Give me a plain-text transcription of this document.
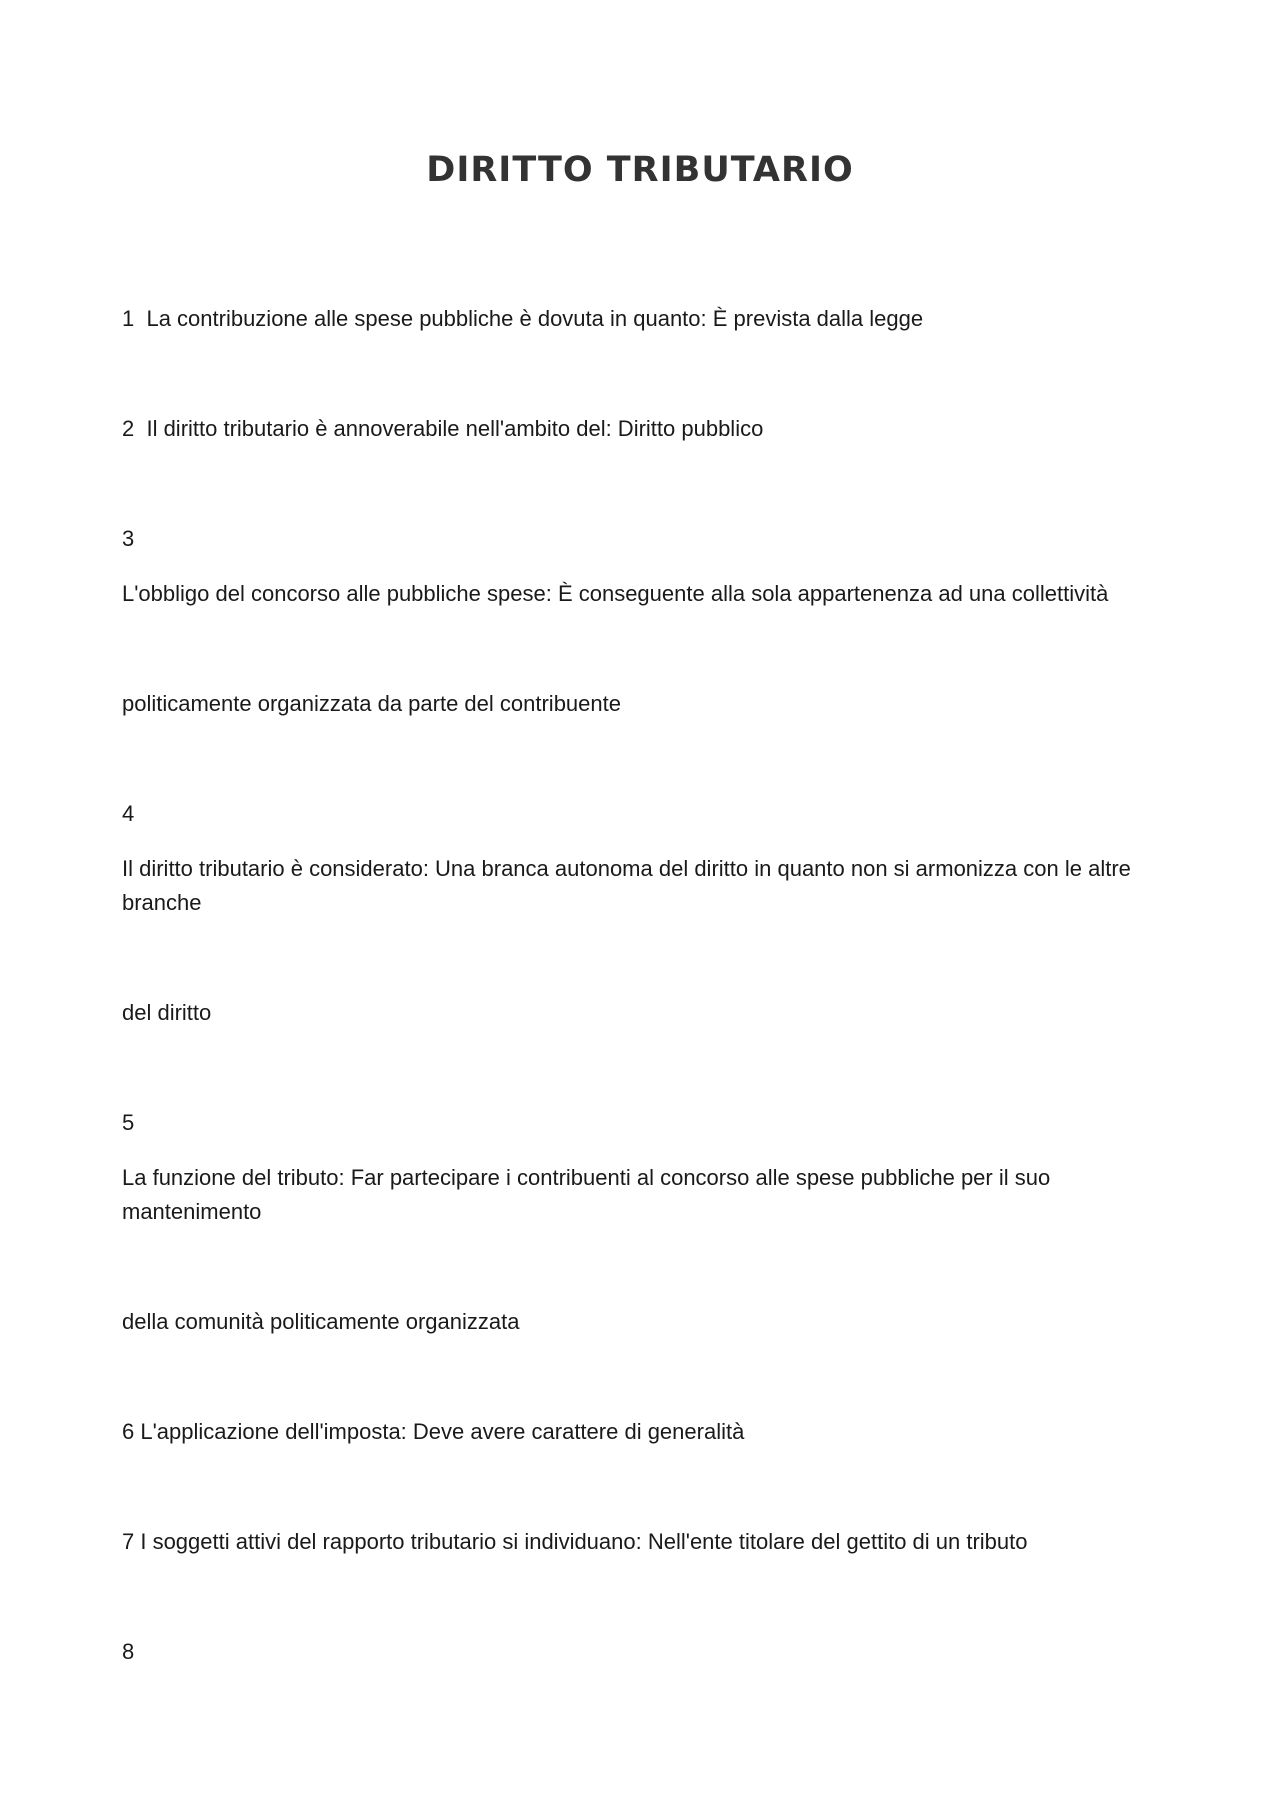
DIRITTO TRIBUTARIO

1  La contribuzione alle spese pubbliche è dovuta in quanto: È prevista dalla legge

2  Il diritto tributario è annoverabile nell'ambito del: Diritto pubblico

3

L'obbligo del concorso alle pubbliche spese: È conseguente alla sola appartenenza ad una collettività

politicamente organizzata da parte del contribuente

4

Il diritto tributario è considerato: Una branca autonoma del diritto in quanto non si armonizza con le altre branche

del diritto

5

La funzione del tributo: Far partecipare i contribuenti al concorso alle spese pubbliche per il suo mantenimento

della comunità politicamente organizzata

6 L'applicazione dell'imposta: Deve avere carattere di generalità

7 I soggetti attivi del rapporto tributario si individuano: Nell'ente titolare del gettito di un tributo

8
